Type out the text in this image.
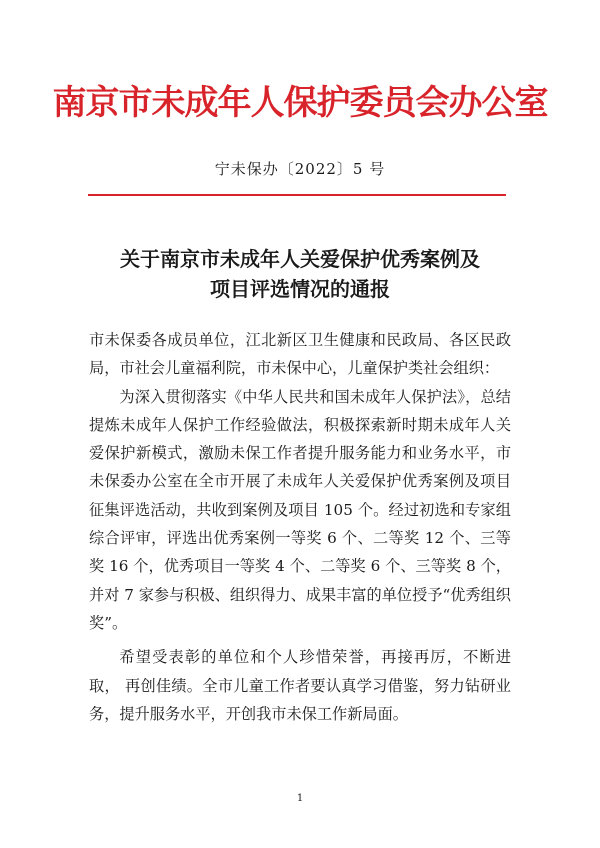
南京市未成年人保护委员会办公室
宁未保办〔2022〕5 号
关于南京市未成年人关爱保护优秀案例及
项目评选情况的通报

市未保委各成员单位，江北新区卫生健康和民政局、各区民政局，市社会儿童福利院，市未保中心，儿童保护类社会组织：

为深入贯彻落实《中华人民共和国未成年人保护法》，总结提炼未成年人保护工作经验做法，积极探索新时期未成年人关爱保护新模式，激励未保工作者提升服务能力和业务水平，市未保委办公室在全市开展了未成年人关爱保护优秀案例及项目征集评选活动，共收到案例及项目 105 个。经过初选和专家组综合评审，评选出优秀案例一等奖 6 个、二等奖 12 个、三等奖 16 个，优秀项目一等奖 4 个、二等奖 6 个、三等奖 8 个，并对 7 家参与积极、组织得力、成果丰富的单位授予“优秀组织奖”。

希望受表彰的单位和个人珍惜荣誉，再接再厉，不断进取， 再创佳绩。全市儿童工作者要认真学习借鉴，努力钻研业务，提升服务水平，开创我市未保工作新局面。

1
